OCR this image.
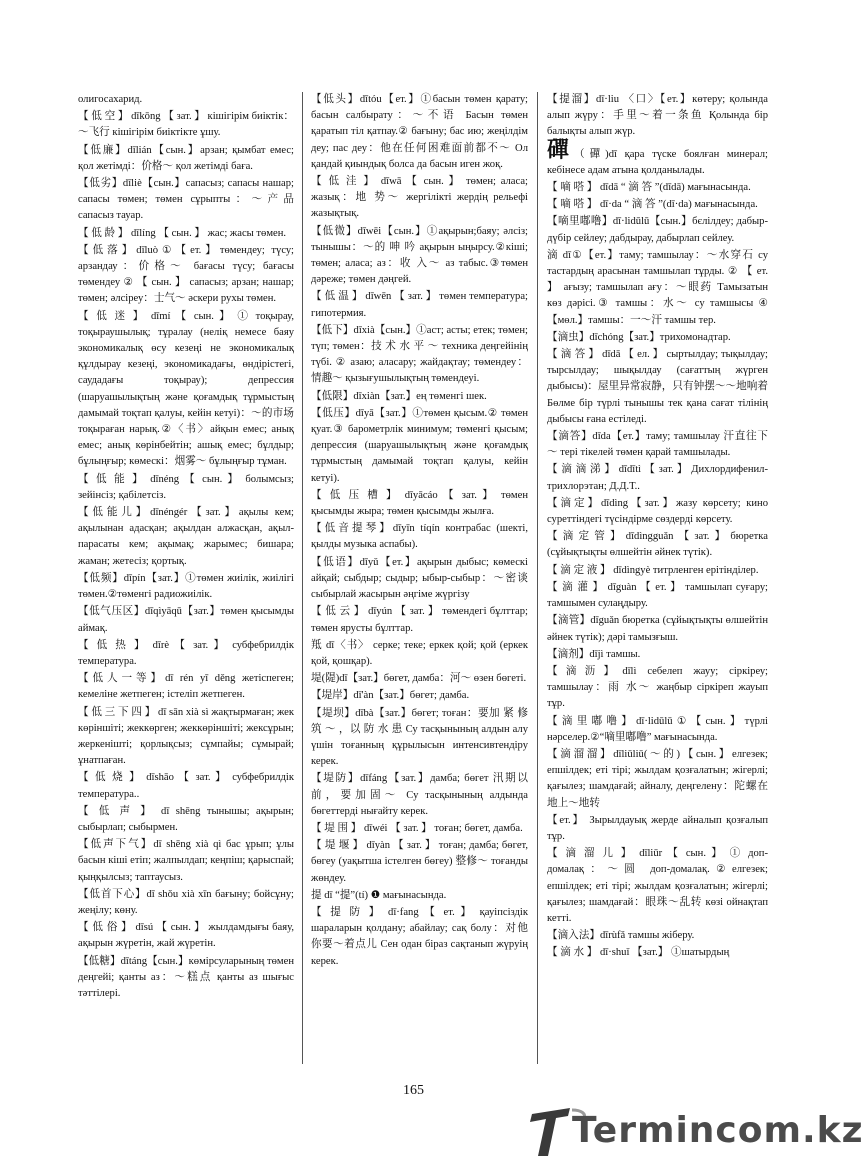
олигосахарид.

【 低 空 】 dīkōng 【 зат. 】 кішігірім биіктік：～飞行 кішігірім биіктікте ұшу.

【低廉】dīlián【сын.】арзан; қымбат емес; қол жетімді：价格～ қол жетімді баға.

【低劣】dīliè【сын.】сапасыз; сапасы нашар; сапасы төмен; төмен сұрыпты：～产品 сапасыз тауар.

【 低 龄 】 dīlíng 【 сын. 】 жас; жасы төмен.

【低落】dīluò①【ет.】төмендеу; түсу; арзандау：价格～ бағасы түсу; бағасы төмендеу ② 【 сын. 】 сапасыз; арзан; нашар; төмен; әлсіреу：士气～ әскери рухы төмен.

【 低 迷 】 dīmí 【 сын. 】 ① тоқырау, тоқыраушылық; тұралау (неліқ немесе баяу экономикалық өсу кезеңі не экономикалық құлдырау кезеңі, экономикадағы, өндірістегі, саудадағы тоқырау); депрессия (шаруашылықтың және қоғамдық тұрмыстың дамымай тоқтап қалуы, кейін кетуі)：～的市场 тоқыраған нарық.②〈书〉айқын емес; анық емес; анық көрінбейтін; ашық емес; бұлдыр; бұлыңғыр; көмескі：烟雾～ бұлыңғыр тұман.

【 低 能 】 dīnéng 【 сын. 】 болымсыз; зейінсіз; қабілетсіз.

【低能儿】dīnéngér【зат.】ақылы кем; ақылынан адасқан; ақылдан алжасқан, ақыл-парасаты кем; ақымақ; жарымес; бишара; жаман; жетесіз; қортық.

【低频】dīpín【зат.】①төмен жиілік, жиілігі төмен.②төменгі радиожиілік.

【低气压区】dīqìyāqū【зат.】төмен қысымды аймақ.

【 低 热 】 dīrè 【 зат. 】 субфебрилдік температура.

【低人一等】dī rén yī děng жетіспеген; кемеліне жетпеген; істеліп жетпеген.

【 低 三 下 四 】 dī sān xià sì жақтырмаған; жек көріншіті; жеккөрген; жеккөріншіті; жексұрын; жеркенішті; қорлықсыз; сұмпайы; сұмырай; ұнатпаған.

【 低 烧 】 dīshāo 【 зат. 】 субфебрилдік температура..

【 低 声 】 dī shēng тынышы; ақырын; сыбырлап; сыбырмен.

【低声下气】dī shēng xià qì бас ұрып; ұлы басын кіші етіп; жалпылдап; кеңпіш; қарыспай; қыңқылсыз; таптаусыз.

【低首下心】dī shǒu xià xīn бағыну; бойсұну; жеңілу; көну.

【 低 俗 】 dīsú 【 сын. 】 жылдамдығы баяу, ақырын жүретін, жай жүретін.

【低糖】dītáng【сын.】көмірсуларының төмен деңгейі; қанты аз：～糕点 қанты аз шығыс тәттілері.

【低头】dītóu【ет.】①басын төмен қарату; басын салбырату：～不语 Басын төмен қаратып тіл қатпау.② бағыну; бас ию; жеңілдім деу; пас деу：他在任何困难面前都不～ Ол қандай қиындық болса да басын иген жоқ.

【 低 洼 】 dīwā 【 сын. 】 төмен; аласа; жазық：地 势～ жергілікті жердің рельефі жазықтық.

【低微】dīwēi【сын.】①ақырын;баяу; әлсіз; тынышы：～的 呻 吟 ақырын ыңырсу.②кіші; төмен; аласа; аз：收 入～ аз табыс.③төмен дәреже; төмен дәңгей.

【 低 温 】 dīwēn 【 зат. 】 төмен температура; гипотермия.

【低下】dīxià【сын.】①аст; асты; етек; төмен; түп; төмен：技 术 水 平 ～ техника деңгейінің түбі. ② азаю; аласару; жайдақтау; төмендеу：情趣～ қызығушылықтың төмендеуі.

【低限】dīxiàn【зат.】ең төменгі шек.

【低压】dīyā【зат.】①төмен қысым.② төмен қуат.③ барометрлік минимум; төменгі қысым; депрессия (шаруашылықтың және қоғамдық тұрмыстың дамымай тоқтап қалуы, кейін кетуі).

【 低 压 槽 】 dīyācáo 【 зат. 】 төмен қысымды жыра; төмен қысымды жылға.

【低音提琴】dīyīn tíqín контрабас (шекті, қылды музыка аспабы).

【低语】dīyǔ【ет.】ақырын дыбыс; көмескі айқай; сыбдыр; сыдыр; ыбыр-сыбыр：～密谈 сыбырлай жасырын әңгіме жүргізу

【 低 云 】 dīyún 【 зат. 】 төмендегі бұлттар; төмен ярусты бұлттар.

羝 dī〈书〉 серке; теке; еркек қой; қой (еркек қой, қошқар).

堤(隄)dī【зат.】бөгет, дамба：河～ өзен бөгеті.

【堤岸】dī'àn【зат.】бөгет; дамба.

【堤坝】dībà【зат.】бөгет; тоған：要加 紧 修 筑 ～ ，以 防 水 患 Су тасқынының алдын алу үшін тоғанның құрылысын интенсивтендіру керек.

【堤防】dīfáng【зат.】дамба; бөгет 汛期以前，要加固～ Су тасқынының алдында бөгеттерді нығайту керек.

【 堤 围 】 dīwéi 【 зат. 】 тоған; бөгет, дамба.

【 堤 堰 】 dīyàn 【 зат. 】 тоған; дамба; бөгет, бөгеу (уақытша істелген бөгеу) 整修～ тоғанды жөндеу.

提 dī “提”(tí) ❶ мағынасында.

【 提 防 】 dī·fang 【 ет. 】 қауіпсіздік шараларын қолдану; абайлау; сақ болу：对他你要～着点儿 Сен одан біраз сақтанып жүруің керек.

【提溜】dī·liu 〈口〉【ет.】көтеру; қолында алып жүру：手里～着一条鱼 Қолында бір балықты алып жүр.

磾（磾)dī қара түске боялған минерал; кебінесе адам атына қолданылады.

【 嘀 嗒 】 dīdā “ 滴 答 ”(dīdā) мағынасында.

【 嘀 嗒 】 dī·da “ 滴 答 ”(dī·da) мағынасында.

【嘀里嘟噜】dī·lidūlū【сын.】бєлілдеу; дабыр-дүбір сейлеу; дабдырау, дабырлап сейлеу.

滴 dī①【ет.】таму; тамшылау：～水穿石 су тастардың арасынан тамшылап тұрды. ② 【 ет. 】 ағызу; тамшылап ағу：～眼药 Тамызатын көз дәрісі.③ тамшы：水～ су тамшысы ④【мөл.】тамшы：一～汗 тамшы тер.

【滴虫】dīchóng【зат.】трихомонадтар.

【 滴 答 】 dīdā 【 ел. 】 сыртылдау; тықылдау; тырсылдау; шықылдау (сағаттың жүрген дыбысы)：屋里异常寂静，只有钟摆～～地响着 Бөлме бір түрлі тынышы тек қана сағат тілінің дыбысы ғана естіледі.

【滴答】dīda【ет.】таму; тамшылау 汗直往下～ тері тікелей төмен қарай тамшылады.

【 滴 滴 涕 】 dīdītì 【 зат. 】 Дихлордифенил- трихлорэтан; Д.Д.Т..

【滴定】dīdìng【зат.】жазу көрсету; кино суреттіндегі түсіндірме сөздерді көрсету.

【滴定管】dīdìngguǎn【зат.】бюретка (сұйықтықты өлшейтін әйнек түтік).

【 滴 定 液 】 dīdìngyè титрленген ерітінділер.

【 滴 灌 】 dīguàn 【 ет. 】 тамшылап суғару; тамшымен сулаңдыру.

【滴管】dīguǎn бюретка (сұйықтықты өлшейтін әйнек түтік); дәрі тамызғыш.

【滴剂】dījì тамшы.

【滴沥】dīlì себелеп жауу; сіркіреу; тамшылау：雨 水～ жаңбыр сіркіреп жауып тұр.

【滴里嘟噜】dī·lidūlū①【сын.】түрлі нәрселер.②“嘀里嘟噜” мағынасында.

【 滴 溜 溜 】 dīliūliū( ～ 的 ) 【 сын. 】 елгезек; епшілдек; еті тірі; жылдам қозғалатын; жігерлі; қағылез; шамдағай; айналу, деңгелену：陀螺在地上～地转

【ет.】 Зырылдауық жерде айналып қозғалып тұр.

【 滴 溜 儿 】 dīliūr 【 сын. 】 ① доп-домалақ：～圆 доп-домалақ.②елгезек; епшілдек; еті тірі; жылдам қозғалатын; жігерлі; қағылез; шамдағай：眼珠～乱转 көзі ойнақтап кетті.

【滴入法】dīrùfǎ тамшы жіберу.

【 滴 水 】 dī·shuǐ 【зат.】 ①шатырдың

165
Termincom.kz
